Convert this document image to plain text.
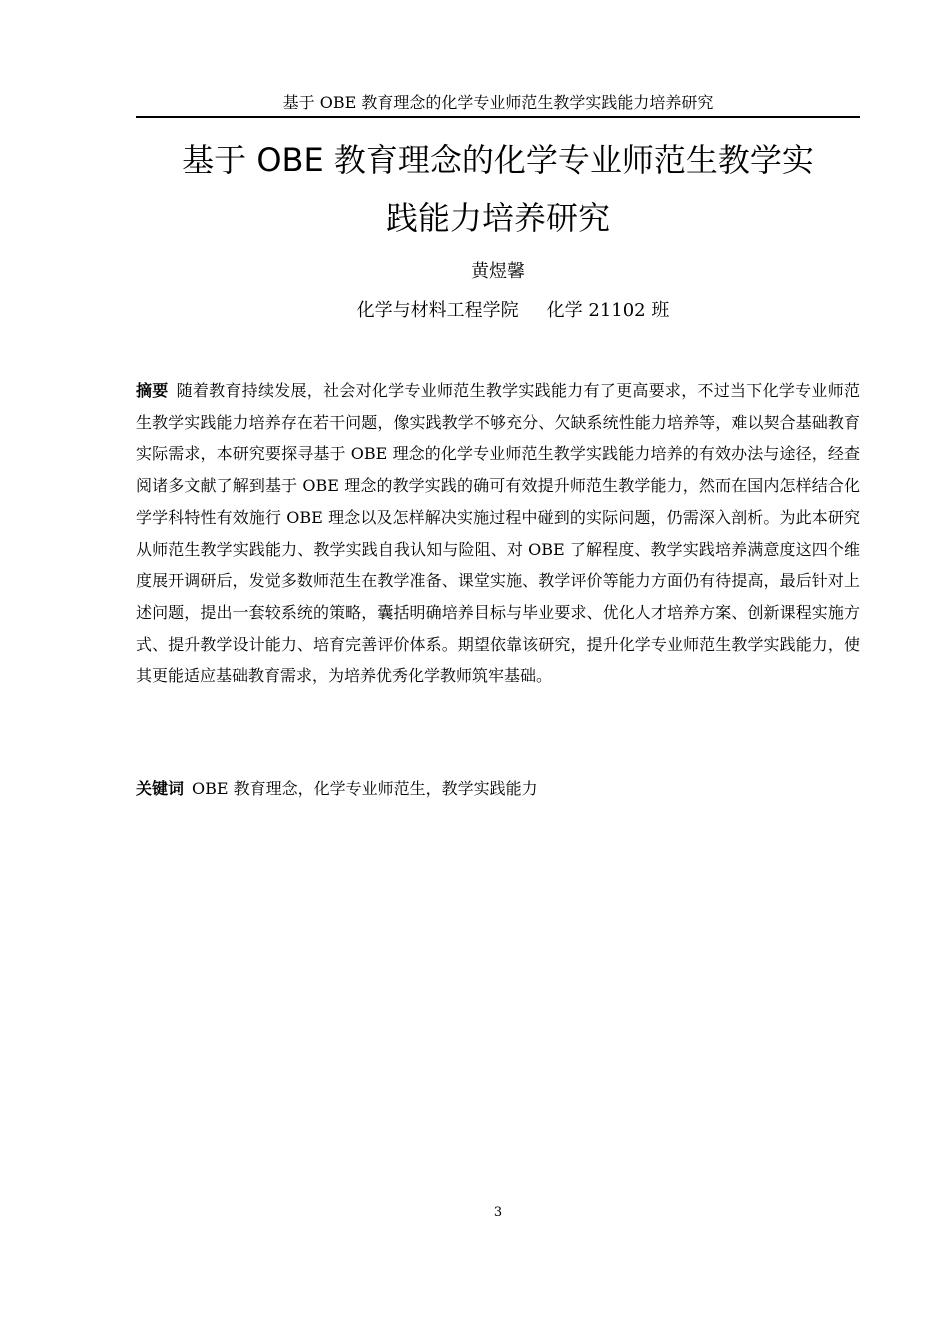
基于 OBE 教育理念的化学专业师范生教学实践能力培养研究
基于 OBE 教育理念的化学专业师范生教学实
践能力培养研究
黄煜馨
化学与材料工程学院 化学 21102 班
摘要 随着教育持续发展，社会对化学专业师范生教学实践能力有了更高要求，不过当下化学专业师范生教学实践能力培养存在若干问题，像实践教学不够充分、欠缺系统性能力培养等，难以契合基础教育实际需求，本研究要探寻基于 OBE 理念的化学专业师范生教学实践能力培养的有效办法与途径，经查阅诸多文献了解到基于 OBE 理念的教学实践的确可有效提升师范生教学能力，然而在国内怎样结合化学学科特性有效施行 OBE 理念以及怎样解决实施过程中碰到的实际问题，仍需深入剖析。为此本研究从师范生教学实践能力、教学实践自我认知与险阻、对 OBE 了解程度、教学实践培养满意度这四个维度展开调研后，发觉多数师范生在教学准备、课堂实施、教学评价等能力方面仍有待提高，最后针对上述问题，提出一套较系统的策略，囊括明确培养目标与毕业要求、优化人才培养方案、创新课程实施方式、提升教学设计能力、培育完善评价体系。期望依靠该研究，提升化学专业师范生教学实践能力，使其更能适应基础教育需求，为培养优秀化学教师筑牢基础。
关键词 OBE 教育理念，化学专业师范生，教学实践能力
3
